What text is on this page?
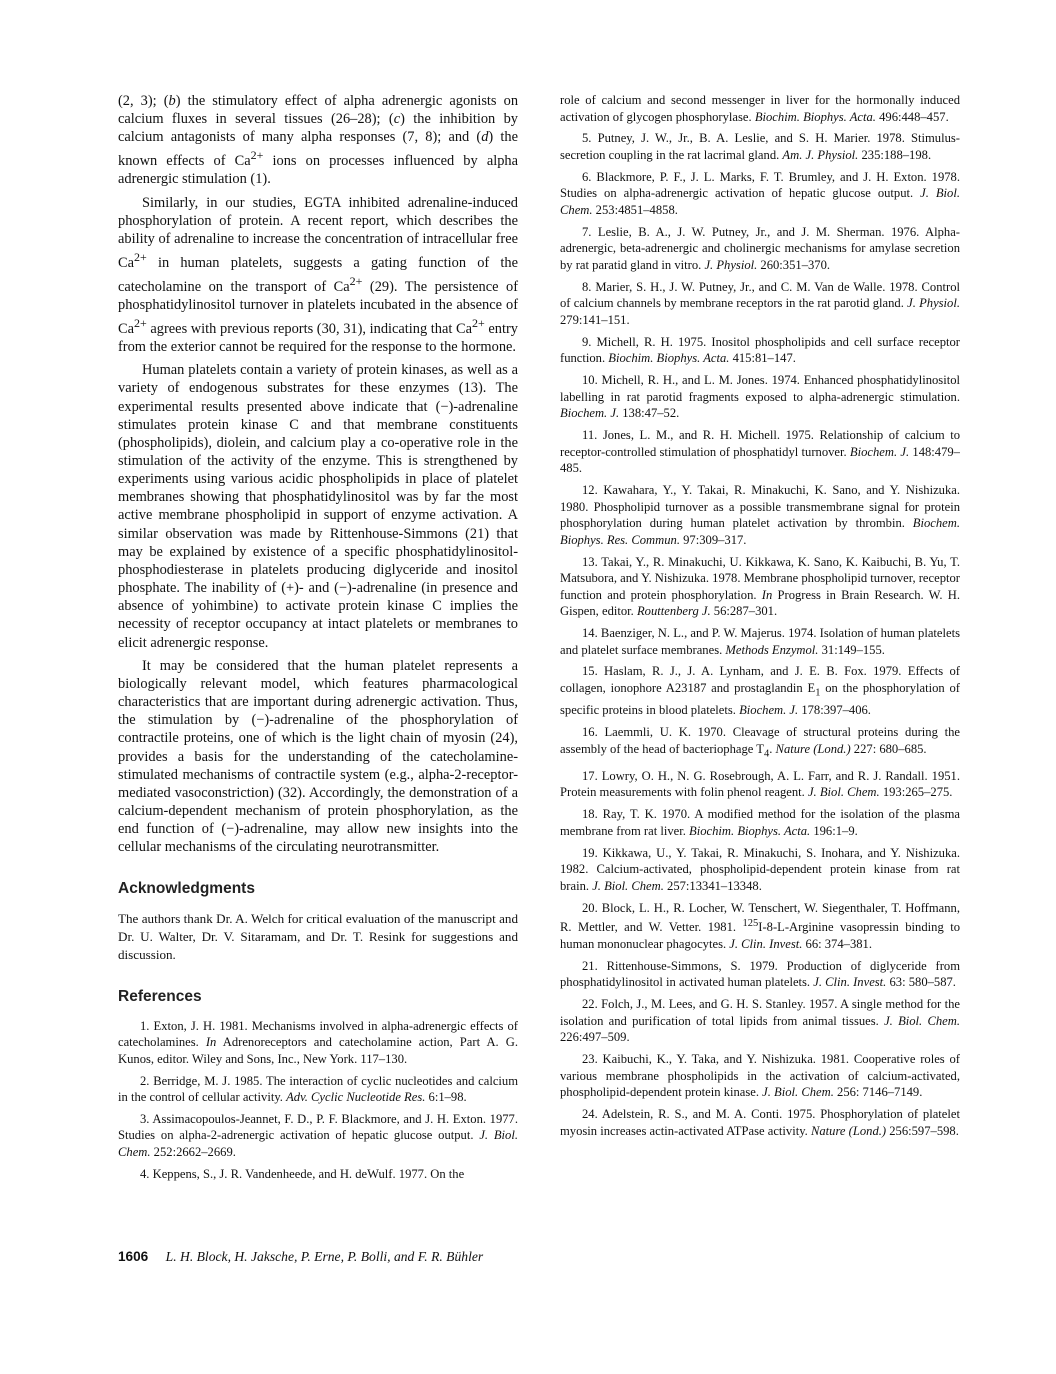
(2, 3); (b) the stimulatory effect of alpha adrenergic agonists on calcium fluxes in several tissues (26–28); (c) the inhibition by calcium antagonists of many alpha responses (7, 8); and (d) the known effects of $Ca^{2+}$ ions on processes influenced by alpha adrenergic stimulation (1).

Similarly, in our studies, EGTA inhibited adrenaline-induced phosphorylation of protein. A recent report, which describes the ability of adrenaline to increase the concentration of intracellular free $Ca^{2+}$ in human platelets, suggests a gating function of the catecholamine on the transport of $Ca^{2+}$ (29). The persistence of phosphatidylinositol turnover in platelets incubated in the absence of $Ca^{2+}$ agrees with previous reports (30, 31), indicating that $Ca^{2+}$ entry from the exterior cannot be required for the response to the hormone.

Human platelets contain a variety of protein kinases, as well as a variety of endogenous substrates for these enzymes (13). The experimental results presented above indicate that (−)-adrenaline stimulates protein kinase C and that membrane constituents (phospholipids), diolein, and calcium play a co-operative role in the stimulation of the activity of the enzyme. This is strengthened by experiments using various acidic phospholipids in place of platelet membranes showing that phosphatidylinositol was by far the most active membrane phospholipid in support of enzyme activation. A similar observation was made by Rittenhouse-Simmons (21) that may be explained by existence of a specific phosphatidylinositol-phosphodiesterase in platelets producing diglyceride and inositol phosphate. The inability of (+)- and (−)-adrenaline (in presence and absence of yohimbine) to activate protein kinase C implies the necessity of receptor occupancy at intact platelets or membranes to elicit adrenergic response.

It may be considered that the human platelet represents a biologically relevant model, which features pharmacological characteristics that are important during adrenergic activation. Thus, the stimulation by (−)-adrenaline of the phosphorylation of contractile proteins, one of which is the light chain of myosin (24), provides a basis for the understanding of the catecholamine-stimulated mechanisms of contractile system (e.g., alpha-2-receptor-mediated vasoconstriction) (32). Accordingly, the demonstration of a calcium-dependent mechanism of protein phosphorylation, as the end function of (−)-adrenaline, may allow new insights into the cellular mechanisms of the circulating neurotransmitter.

Acknowledgments

The authors thank Dr. A. Welch for critical evaluation of the manuscript and Dr. U. Walter, Dr. V. Sitaramam, and Dr. T. Resink for suggestions and discussion.

References

1. Exton, J. H. 1981. Mechanisms involved in alpha-adrenergic effects of catecholamines. In Adrenoreceptors and catecholamine action, Part A. G. Kunos, editor. Wiley and Sons, Inc., New York. 117–130.

2. Berridge, M. J. 1985. The interaction of cyclic nucleotides and calcium in the control of cellular activity. Adv. Cyclic Nucleotide Res. 6:1–98.

3. Assimacopoulos-Jeannet, F. D., P. F. Blackmore, and J. H. Exton. 1977. Studies on alpha-2-adrenergic activation of hepatic glucose output. J. Biol. Chem. 252:2662–2669.

4. Keppens, S., J. R. Vandenheede, and H. deWulf. 1977. On the

role of calcium and second messenger in liver for the hormonally induced activation of glycogen phosphorylase. Biochim. Biophys. Acta. 496:448–457.

5. Putney, J. W., Jr., B. A. Leslie, and S. H. Marier. 1978. Stimulus-secretion coupling in the rat lacrimal gland. Am. J. Physiol. 235:188–198.

6. Blackmore, P. F., J. L. Marks, F. T. Brumley, and J. H. Exton. 1978. Studies on alpha-adrenergic activation of hepatic glucose output. J. Biol. Chem. 253:4851–4858.

7. Leslie, B. A., J. W. Putney, Jr., and J. M. Sherman. 1976. Alpha-adrenergic, beta-adrenergic and cholinergic mechanisms for amylase secretion by rat paratid gland in vitro. J. Physiol. 260:351–370.

8. Marier, S. H., J. W. Putney, Jr., and C. M. Van de Walle. 1978. Control of calcium channels by membrane receptors in the rat parotid gland. J. Physiol. 279:141–151.

9. Michell, R. H. 1975. Inositol phospholipids and cell surface receptor function. Biochim. Biophys. Acta. 415:81–147.

10. Michell, R. H., and L. M. Jones. 1974. Enhanced phosphatidylinositol labelling in rat parotid fragments exposed to alpha-adrenergic stimulation. Biochem. J. 138:47–52.

11. Jones, L. M., and R. H. Michell. 1975. Relationship of calcium to receptor-controlled stimulation of phosphatidyl turnover. Biochem. J. 148:479–485.

12. Kawahara, Y., Y. Takai, R. Minakuchi, K. Sano, and Y. Nishizuka. 1980. Phospholipid turnover as a possible transmembrane signal for protein phosphorylation during human platelet activation by thrombin. Biochem. Biophys. Res. Commun. 97:309–317.

13. Takai, Y., R. Minakuchi, U. Kikkawa, K. Sano, K. Kaibuchi, B. Yu, T. Matsubora, and Y. Nishizuka. 1978. Membrane phospholipid turnover, receptor function and protein phosphorylation. In Progress in Brain Research. W. H. Gispen, editor. Routtenberg J. 56:287–301.

14. Baenziger, N. L., and P. W. Majerus. 1974. Isolation of human platelets and platelet surface membranes. Methods Enzymol. 31:149–155.

15. Haslam, R. J., J. A. Lynham, and J. E. B. Fox. 1979. Effects of collagen, ionophore A23187 and prostaglandin $E_1$ on the phosphorylation of specific proteins in blood platelets. Biochem. J. 178:397–406.

16. Laemmli, U. K. 1970. Cleavage of structural proteins during the assembly of the head of bacteriophage $T_4$. Nature (Lond.) 227: 680–685.

17. Lowry, O. H., N. G. Rosebrough, A. L. Farr, and R. J. Randall. 1951. Protein measurements with folin phenol reagent. J. Biol. Chem. 193:265–275.

18. Ray, T. K. 1970. A modified method for the isolation of the plasma membrane from rat liver. Biochim. Biophys. Acta. 196:1–9.

19. Kikkawa, U., Y. Takai, R. Minakuchi, S. Inohara, and Y. Nishizuka. 1982. Calcium-activated, phospholipid-dependent protein kinase from rat brain. J. Biol. Chem. 257:13341–13348.

20. Block, L. H., R. Locher, W. Tenschert, W. Siegenthaler, T. Hoffmann, R. Mettler, and W. Vetter. 1981. $^{125}$I-8-L-Arginine vasopressin binding to human mononuclear phagocytes. J. Clin. Invest. 66: 374–381.

21. Rittenhouse-Simmons, S. 1979. Production of diglyceride from phosphatidylinositol in activated human platelets. J. Clin. Invest. 63: 580–587.

22. Folch, J., M. Lees, and G. H. S. Stanley. 1957. A single method for the isolation and purification of total lipids from animal tissues. J. Biol. Chem. 226:497–509.

23. Kaibuchi, K., Y. Taka, and Y. Nishizuka. 1981. Cooperative roles of various membrane phospholipids in the activation of calcium-activated, phospholipid-dependent protein kinase. J. Biol. Chem. 256: 7146–7149.

24. Adelstein, R. S., and M. A. Conti. 1975. Phosphorylation of platelet myosin increases actin-activated ATPase activity. Nature (Lond.) 256:597–598.

1606 L. H. Block, H. Jaksche, P. Erne, P. Bolli, and F. R. Bühler
